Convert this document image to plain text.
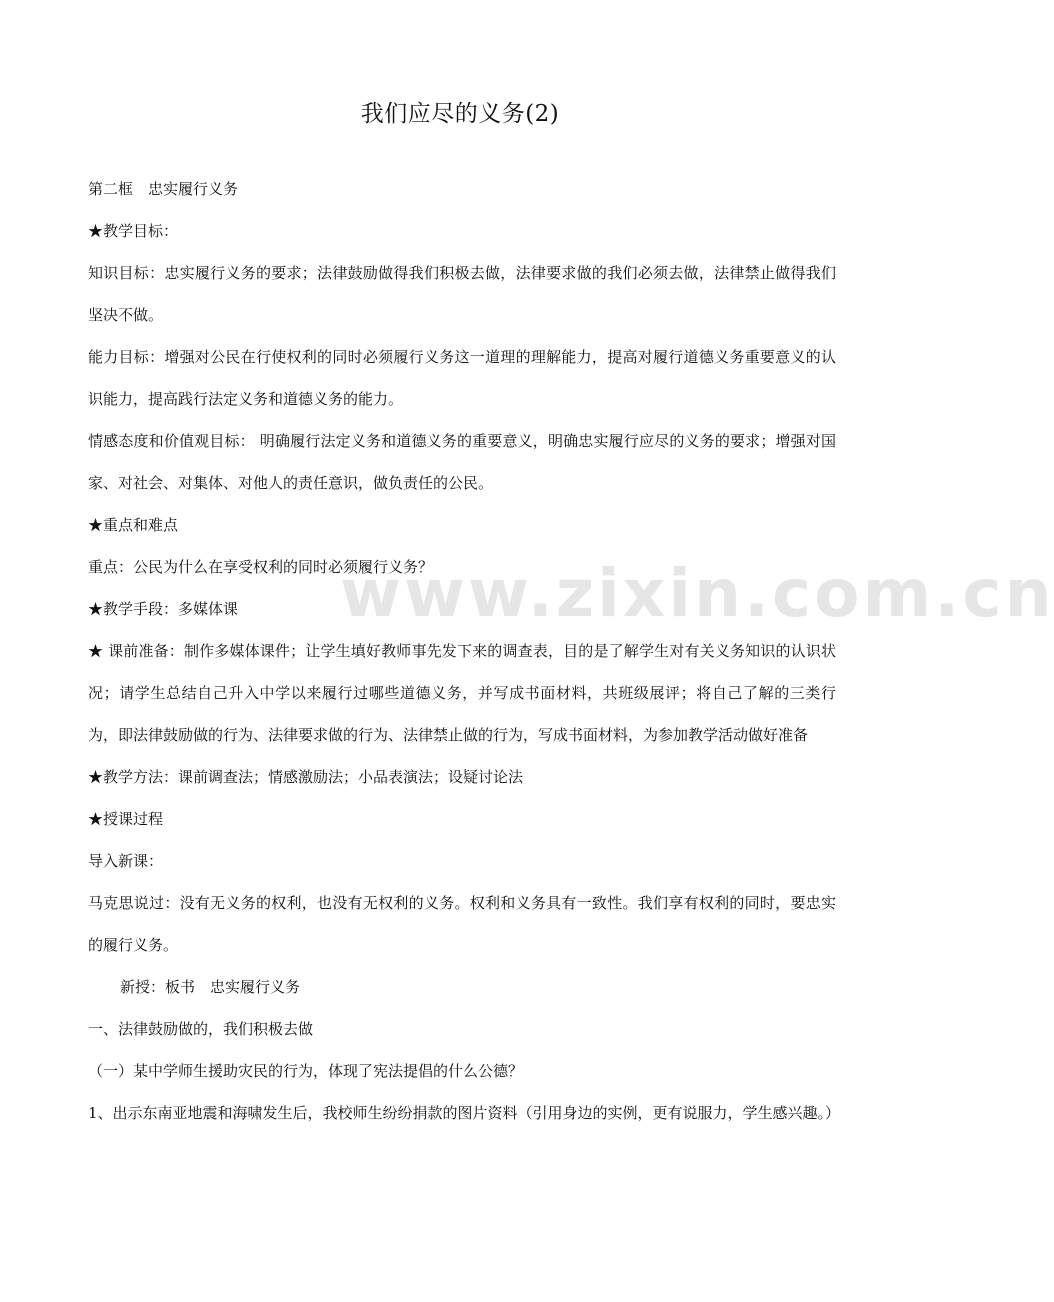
www.zixin.com.cn
我们应尽的义务(2)

第二框　忠实履行义务

★教学目标：

知识目标：忠实履行义务的要求；法律鼓励做得我们积极去做，法律要求做的我们必须去做，法律禁止做得我们坚决不做。

能力目标：增强对公民在行使权利的同时必须履行义务这一道理的理解能力，提高对履行道德义务重要意义的认识能力，提高践行法定义务和道德义务的能力。

情感态度和价值观目标： 明确履行法定义务和道德义务的重要意义，明确忠实履行应尽的义务的要求；增强对国家、对社会、对集体、对他人的责任意识，做负责任的公民。

★重点和难点

重点：公民为什么在享受权利的同时必须履行义务？

★教学手段：多媒体课

★ 课前准备：制作多媒体课件；让学生填好教师事先发下来的调查表，目的是了解学生对有关义务知识的认识状况；请学生总结自己升入中学以来履行过哪些道德义务，并写成书面材料，共班级展评；将自己了解的三类行为，即法律鼓励做的行为、法律要求做的行为、法律禁止做的行为，写成书面材料，为参加教学活动做好准备

★教学方法：课前调查法；情感激励法；小品表演法；设疑讨论法

★授课过程

导入新课：

马克思说过：没有无义务的权利，也没有无权利的义务。权利和义务具有一致性。我们享有权利的同时，要忠实的履行义务。

新授：板书　忠实履行义务

一、法律鼓励做的，我们积极去做

（一）某中学师生援助灾民的行为，体现了宪法提倡的什么公德？

1、出示东南亚地震和海啸发生后，我校师生纷纷捐款的图片资料（引用身边的实例，更有说服力，学生感兴趣。）
